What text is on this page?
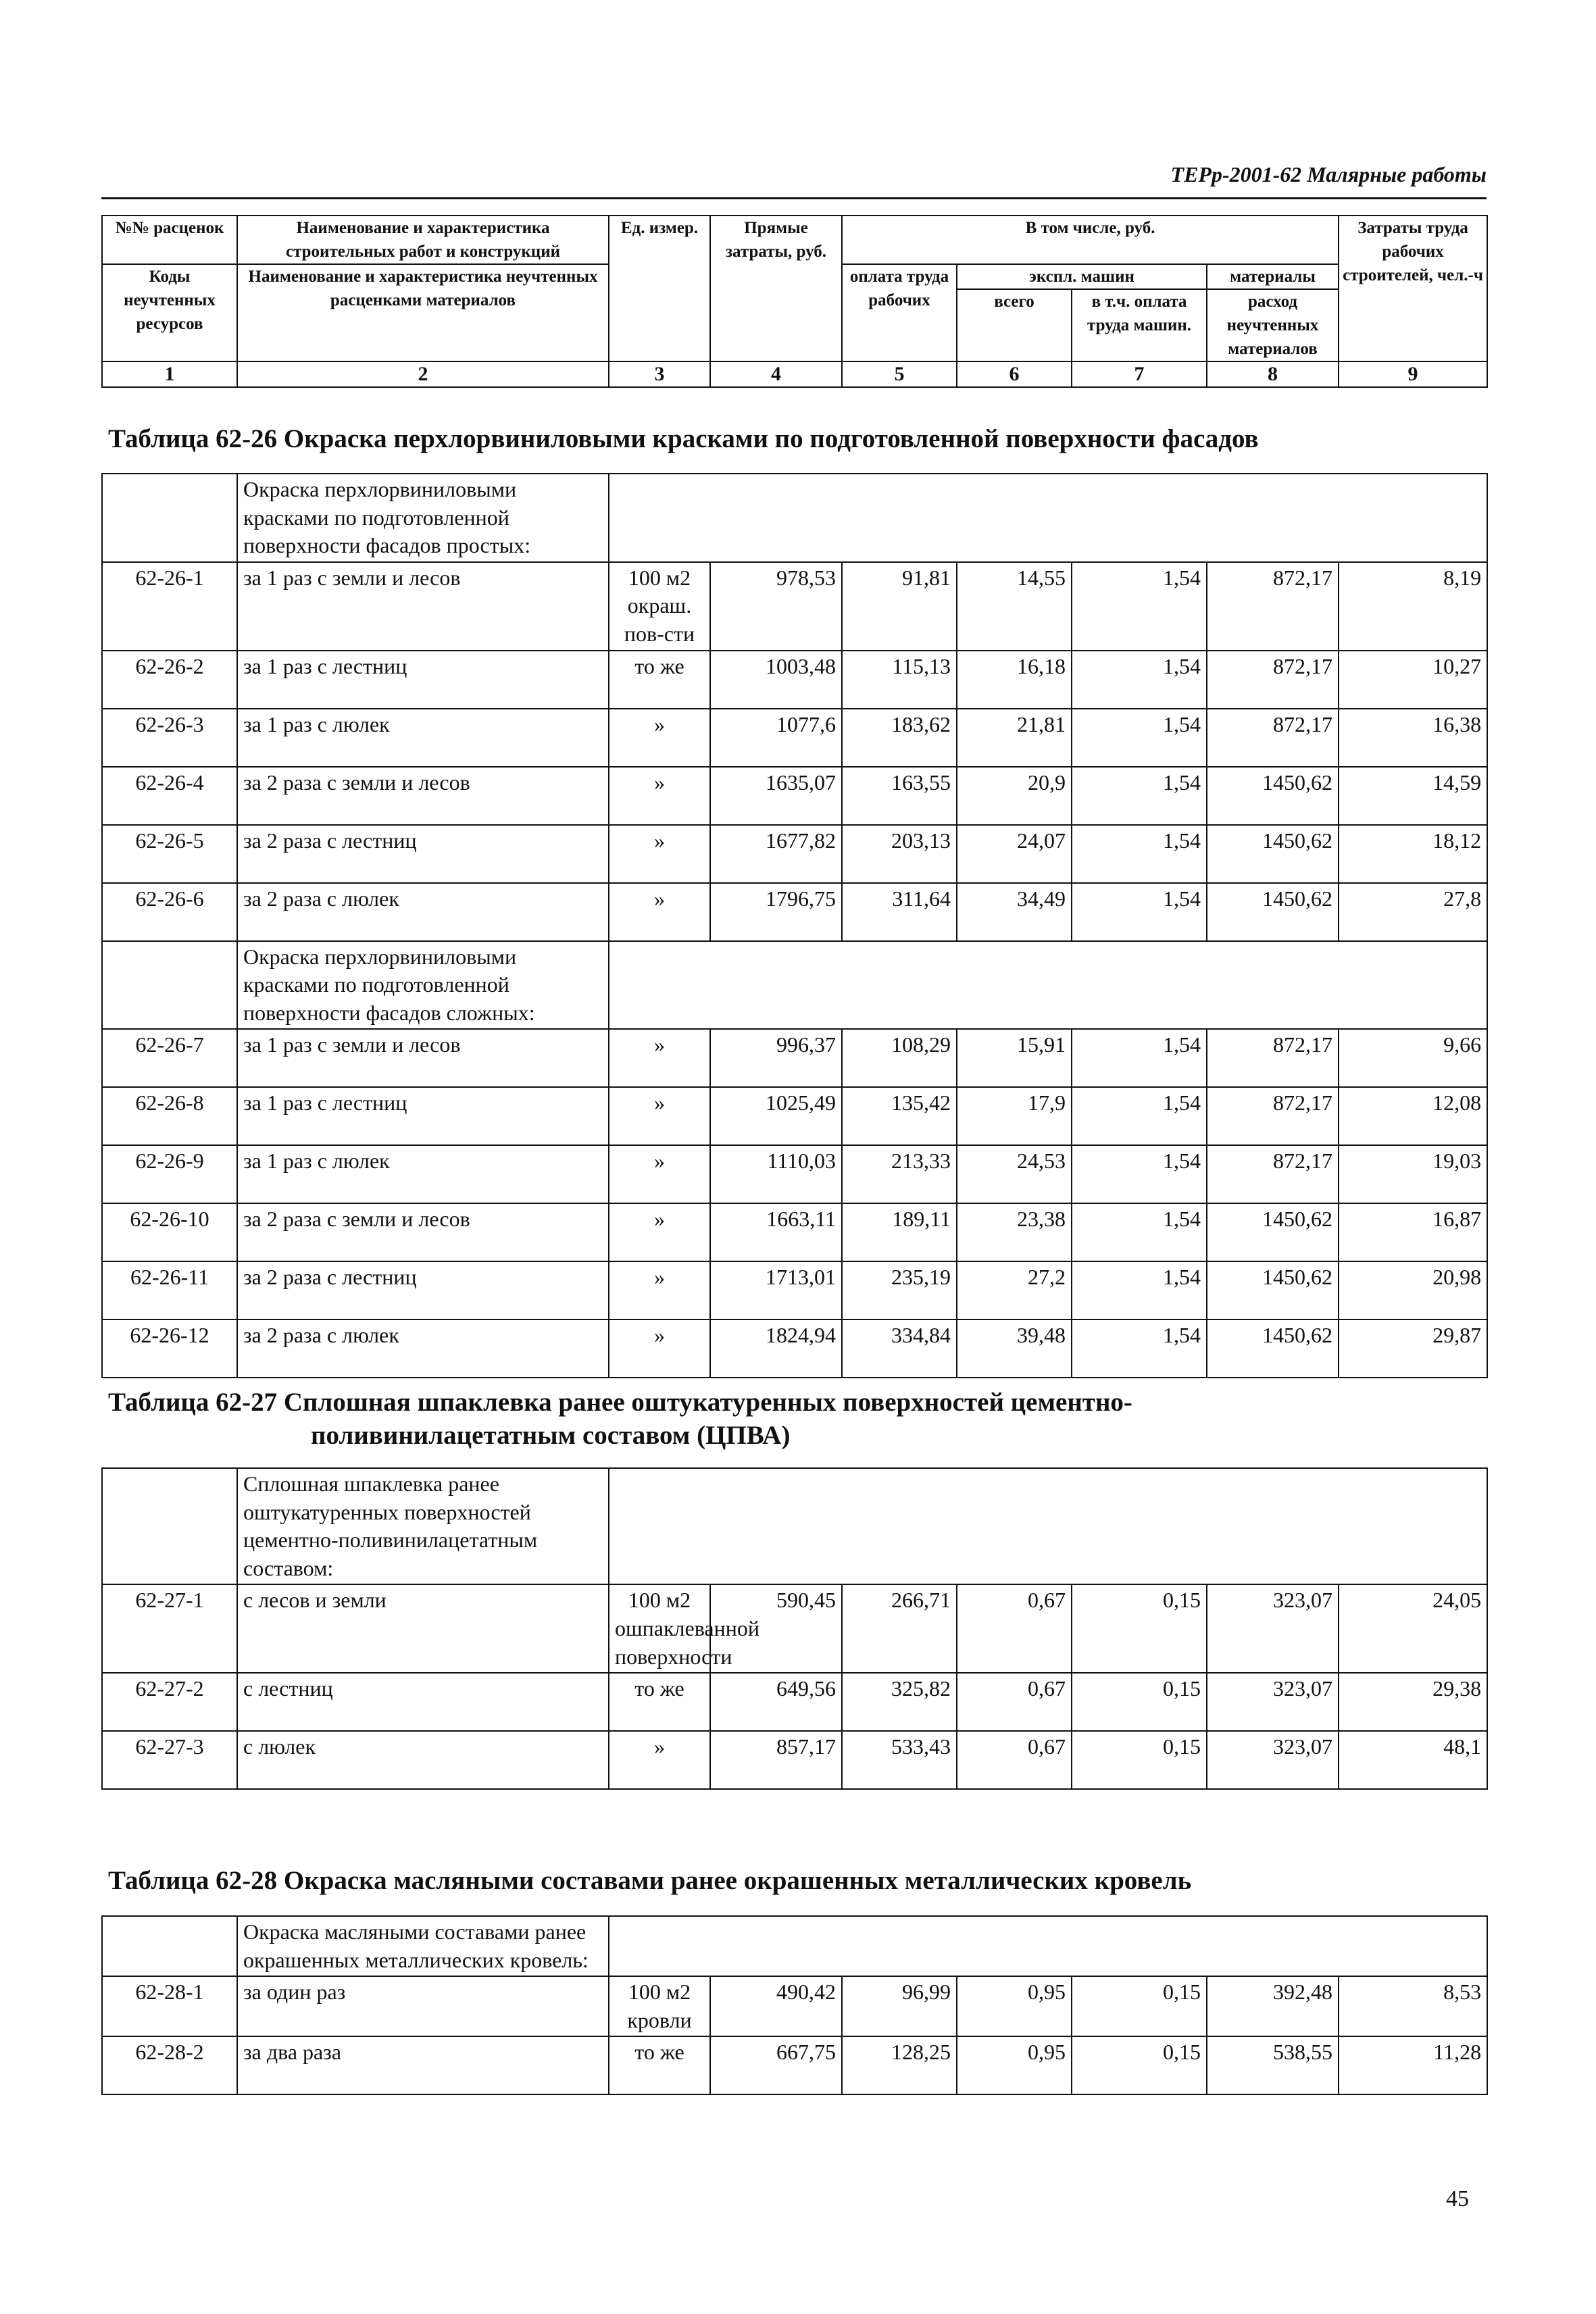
ТЕРр-2001-62 Малярные работы
№№ расценок	Наименование и характеристика строительных работ и конструкций	Ед. измер.	Прямые затраты, руб.	В том числе, руб.				Затраты труда рабочих строителей, чел.-ч
Коды неучтенных ресурсов	Наименование и характеристика неучтенных расценками материалов			оплата труда рабочих	экспл. машин		материалы	
					всего	в т.ч. оплата труда машин.	расход неучтенных материалов	
1	2	3	4	5	6	7	8	9
Таблица 62-26 Окраска перхлорвиниловыми красками по подготовленной поверхности фасадов
	Окраска перхлорвиниловыми красками по подготовленной поверхности фасадов простых:							
62-26-1	за 1 раз с земли и лесов	100 м2 окраш. пов-сти	978,53	91,81	14,55	1,54	872,17	8,19
62-26-2	за 1 раз с лестниц	то же	1003,48	115,13	16,18	1,54	872,17	10,27
62-26-3	за 1 раз с люлек	»	1077,6	183,62	21,81	1,54	872,17	16,38
62-26-4	за 2 раза с земли и лесов	»	1635,07	163,55	20,9	1,54	1450,62	14,59
62-26-5	за 2 раза с лестниц	»	1677,82	203,13	24,07	1,54	1450,62	18,12
62-26-6	за 2 раза с люлек	»	1796,75	311,64	34,49	1,54	1450,62	27,8
	Окраска перхлорвиниловыми красками по подготовленной поверхности фасадов сложных:							
62-26-7	за 1 раз с земли и лесов	»	996,37	108,29	15,91	1,54	872,17	9,66
62-26-8	за 1 раз с лестниц	»	1025,49	135,42	17,9	1,54	872,17	12,08
62-26-9	за 1 раз с люлек	»	1110,03	213,33	24,53	1,54	872,17	19,03
62-26-10	за 2 раза с земли и лесов	»	1663,11	189,11	23,38	1,54	1450,62	16,87
62-26-11	за 2 раза с лестниц	»	1713,01	235,19	27,2	1,54	1450,62	20,98
62-26-12	за 2 раза с люлек	»	1824,94	334,84	39,48	1,54	1450,62	29,87
Таблица 62-27 Сплошная шпаклевка ранее оштукатуренных поверхностей цементно-
поливинилацетатным составом (ЦПВА)
	Сплошная шпаклевка ранее оштукатуренных поверхностей цементно-поливинилацетатным составом:							
62-27-1	с лесов и земли	100 м2 ошпаклеванной поверхности	590,45	266,71	0,67	0,15	323,07	24,05
62-27-2	с лестниц	то же	649,56	325,82	0,67	0,15	323,07	29,38
62-27-3	с люлек	»	857,17	533,43	0,67	0,15	323,07	48,1
Таблица 62-28 Окраска масляными составами ранее окрашенных металлических кровель
	Окраска масляными составами ранее окрашенных металлических кровель:							
62-28-1	за один раз	100 м2 кровли	490,42	96,99	0,95	0,15	392,48	8,53
62-28-2	за два раза	то же	667,75	128,25	0,95	0,15	538,55	11,28
45
